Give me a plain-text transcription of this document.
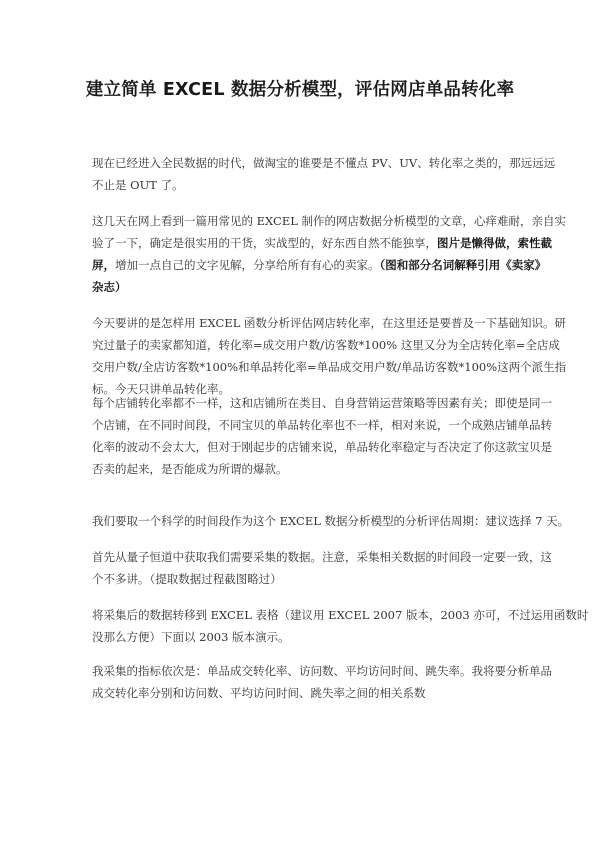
建立简单 EXCEL 数据分析模型，评估网店单品转化率

现在已经进入全民数据的时代，做淘宝的谁要是不懂点 PV、UV、转化率之类的，那远远远
不止是 OUT 了。

这几天在网上看到一篇用常见的 EXCEL 制作的网店数据分析模型的文章，心痒难耐，亲自实
验了一下，确定是很实用的干货，实战型的，好东西自然不能独享，图片是懒得做，索性截
屏，增加一点自己的文字见解，分享给所有有心的卖家。（图和部分名词解释引用《卖家》
杂志）

今天要讲的是怎样用 EXCEL 函数分析评估网店转化率，在这里还是要普及一下基础知识。研
究过量子的卖家都知道，转化率=成交用户数/访客数*100% 这里又分为全店转化率=全店成
交用户数/全店访客数*100%和单品转化率=单品成交用户数/单品访客数*100%这两个派生指
标。今天只讲单品转化率。

每个店铺转化率都不一样，这和店铺所在类目、自身营销运营策略等因素有关；即使是同一
个店铺，在不同时间段，不同宝贝的单品转化率也不一样，相对来说，一个成熟店铺单品转
化率的波动不会太大，但对于刚起步的店铺来说，单品转化率稳定与否决定了你这款宝贝是
否卖的起来，是否能成为所谓的爆款。

我们要取一个科学的时间段作为这个 EXCEL 数据分析模型的分析评估周期：建议选择 7 天。

首先从量子恒道中获取我们需要采集的数据。注意，采集相关数据的时间段一定要一致，这
个不多讲。（提取数据过程截图略过）

将采集后的数据转移到 EXCEL 表格（建议用 EXCEL 2007 版本，2003 亦可，不过运用函数时
没那么方便）下面以 2003 版本演示。

我采集的指标依次是：单品成交转化率、访问数、平均访问时间、跳失率。我将要分析单品
成交转化率分别和访问数、平均访问时间、跳失率之间的相关系数
